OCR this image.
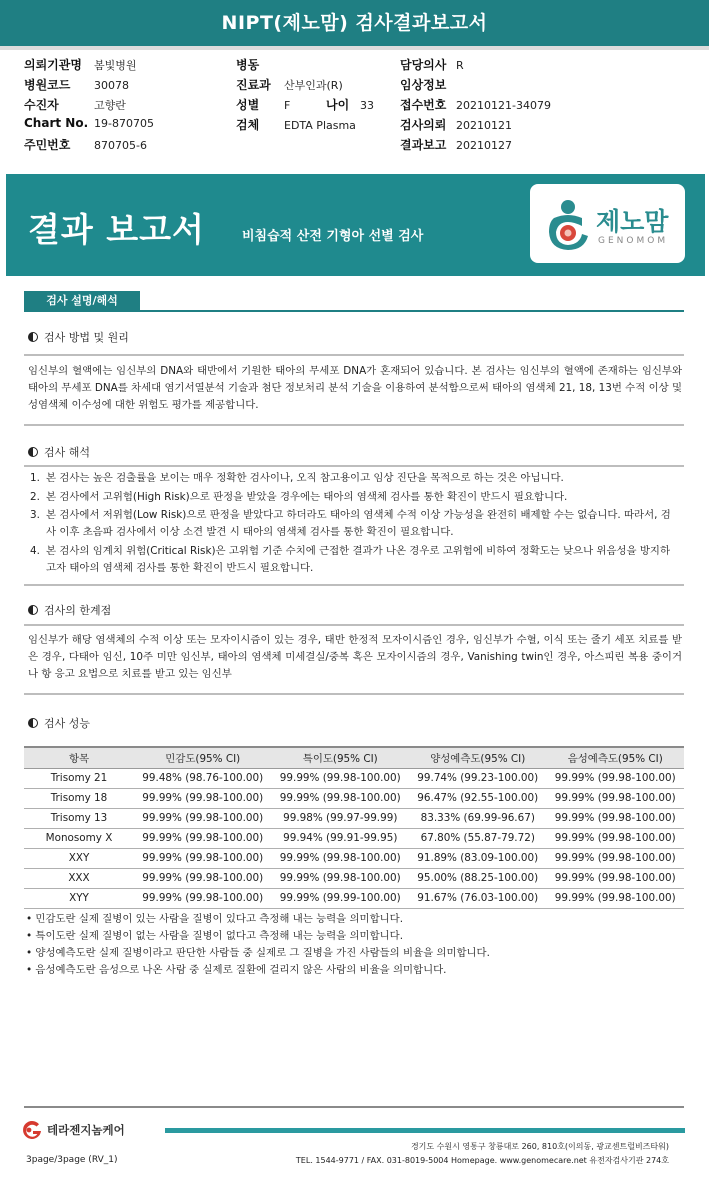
NIPT(제노맘) 검사결과보고서
의뢰기관명 봄빛병원
병원코드 30078
수진자	고향란
Chart No. 19-870705
주민번호 870705-6
병동
진료과 산부인과(R)
성별 F	나이 33
검체 EDTA Plasma
담당의사 R
임상정보
접수번호 20210121-34079
검사의뢰 20210121
결과보고 20210127
결과 보고서	비침습적 산전 기형아 선별 검사
제노맘
GENOMOM
검사 설명/해석
검사 방법 및 원리
임신부의 혈액에는 임신부의 DNA와 태반에서 기원한 태아의 무세포 DNA가 혼재되어 있습니다. 본 검사는 임신부의 혈액에 존재하는 임신부와 태아의 무세포 DNA를 차세대 염기서열분석 기술과 첨단 정보처리 분석 기술을 이용하여 분석함으로써 태아의 염색체 21, 18, 13번 수적 이상 및 성염색체 이수성에 대한 위험도 평가를 제공합니다.
검사 해석
1. 본 검사는 높은 검출률을 보이는 매우 정확한 검사이나, 오직 참고용이고 임상 진단을 목적으로 하는 것은 아닙니다.
2. 본 검사에서 고위험(High Risk)으로 판정을 받았을 경우에는 태아의 염색체 검사를 통한 확진이 반드시 필요합니다.
3. 본 검사에서 저위험(Low Risk)으로 판정을 받았다고 하더라도 태아의 염색체 수적 이상 가능성을 완전히 배제할 수는 없습니다. 따라서, 검사 이후 초음파 검사에서 이상 소견 발견 시 태아의 염색체 검사를 통한 확진이 필요합니다.
4. 본 검사의 임계치 위험(Critical Risk)은 고위험 기준 수치에 근접한 결과가 나온 경우로 고위험에 비하여 정확도는 낮으나 위음성을 방지하고자 태아의 염색체 검사를 통한 확진이 반드시 필요합니다.
검사의 한계점
임신부가 해당 염색체의 수적 이상 또는 모자이시즘이 있는 경우, 태반 한정적 모자이시즘인 경우, 임신부가 수혈, 이식 또는 줄기 세포 치료를 받은 경우, 다태아 임신, 10주 미만 임신부, 태아의 염색체 미세결실/중복 혹은 모자이시즘의 경우, Vanishing twin인 경우, 아스피린 복용 중이거나 항 응고 요법으로 치료를 받고 있는 임신부
검사 성능
항목	민감도(95% CI)	특이도(95% CI)	양성예측도(95% CI)	음성예측도(95% CI)
Trisomy 21	99.48% (98.76-100.00)	99.99% (99.98-100.00)	99.74% (99.23-100.00)	99.99% (99.98-100.00)
Trisomy 18	99.99% (99.98-100.00)	99.99% (99.98-100.00)	96.47% (92.55-100.00)	99.99% (99.98-100.00)
Trisomy 13	99.99% (99.98-100.00)	99.98% (99.97-99.99)	83.33% (69.99-96.67)	99.99% (99.98-100.00)
Monosomy X	99.99% (99.98-100.00)	99.94% (99.91-99.95)	67.80% (55.87-79.72)	99.99% (99.98-100.00)
XXY	99.99% (99.98-100.00)	99.99% (99.98-100.00)	91.89% (83.09-100.00)	99.99% (99.98-100.00)
XXX	99.99% (99.98-100.00)	99.99% (99.98-100.00)	95.00% (88.25-100.00)	99.99% (99.98-100.00)
XYY	99.99% (99.98-100.00)	99.99% (99.99-100.00)	91.67% (76.03-100.00)	99.99% (99.98-100.00)
• 민감도란 실제 질병이 있는 사람을 질병이 있다고 측정해 내는 능력을 의미합니다.
• 특이도란 실제 질병이 없는 사람을 질병이 없다고 측정해 내는 능력을 의미합니다.
• 양성예측도란 실제 질병이라고 판단한 사람들 중 실제로 그 질병을 가진 사람들의 비율을 의미합니다.
• 음성예측도란 음성으로 나온 사람 중 실제로 질환에 걸리지 않은 사람의 비율을 의미합니다.
테라젠지놈케어
3page/3page (RV_1)
경기도 수원시 영통구 창룡대로 260, 810호(이의동, 광교센트럴비즈타워)
TEL. 1544-9771 / FAX. 031-8019-5004 Homepage. www.genomecare.net 유전자검사기관 274호
